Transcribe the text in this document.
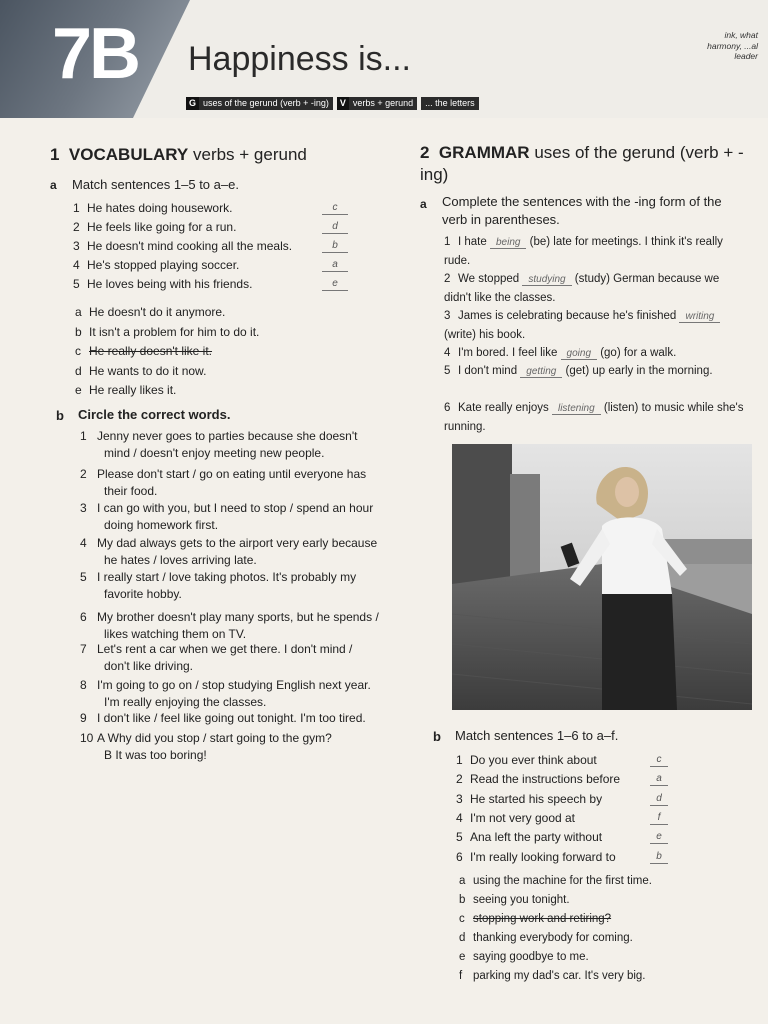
7B Happiness is...
ink, what harmony, ...al leader
G uses of the gerund (verb + -ing)	V verbs + gerund	... the letters
1 VOCABULARY verbs + gerund
a Match sentences 1–5 to a–e.
1 He hates doing housework.	c
2 He feels like going for a run.	d
3 He doesn't mind cooking all the meals.	b
4 He's stopped playing soccer.	a
5 He loves being with his friends.	e
a He doesn't do it anymore.
b It isn't a problem for him to do it.
c He really doesn't like it.
d He wants to do it now.
e He really likes it.
b Circle the correct words.
1 Jenny never goes to parties because she doesn't
mind / doesn't enjoy meeting new people.
2 Please don't start / go on eating until everyone has
their food.
3 I can go with you, but I need to stop / spend an hour
doing homework first.
4 My dad always gets to the airport very early because
he hates / loves arriving late.
5 I really start / love taking photos. It's probably my
favorite hobby.
6 My brother doesn't play many sports, but he spends /
likes watching them on TV.
7 Let's rent a car when we get there. I don't mind /
don't like driving.
8 I'm going to go on / stop studying English next year.
I'm really enjoying the classes.
9 I don't like / feel like going out tonight. I'm too tired.
10 A Why did you stop / start going to the gym?
B It was too boring!
2 GRAMMAR uses of the gerund (verb + -ing)
a Complete the sentences with the -ing form of the verb in parentheses.
1 I hate being (be) late for meetings. I think it's really rude.
2 We stopped studying (study) German because we didn't like the classes.
3 James is celebrating because he's finished writing (write) his book.
4 I'm bored. I feel like going (go) for a walk.
5 I don't mind getting (get) up early in the morning.
6 Kate really enjoys listening (listen) to music while she's running.
b Match sentences 1–6 to a–f.
1 Do you ever think about	c
2 Read the instructions before	a
3 He started his speech by	d
4 I'm not very good at	f
5 Ana left the party without	e
6 I'm really looking forward to	b
a using the machine for the first time.
b seeing you tonight.
c stopping work and retiring?
d thanking everybody for coming.
e saying goodbye to me.
f parking my dad's car. It's very big.
